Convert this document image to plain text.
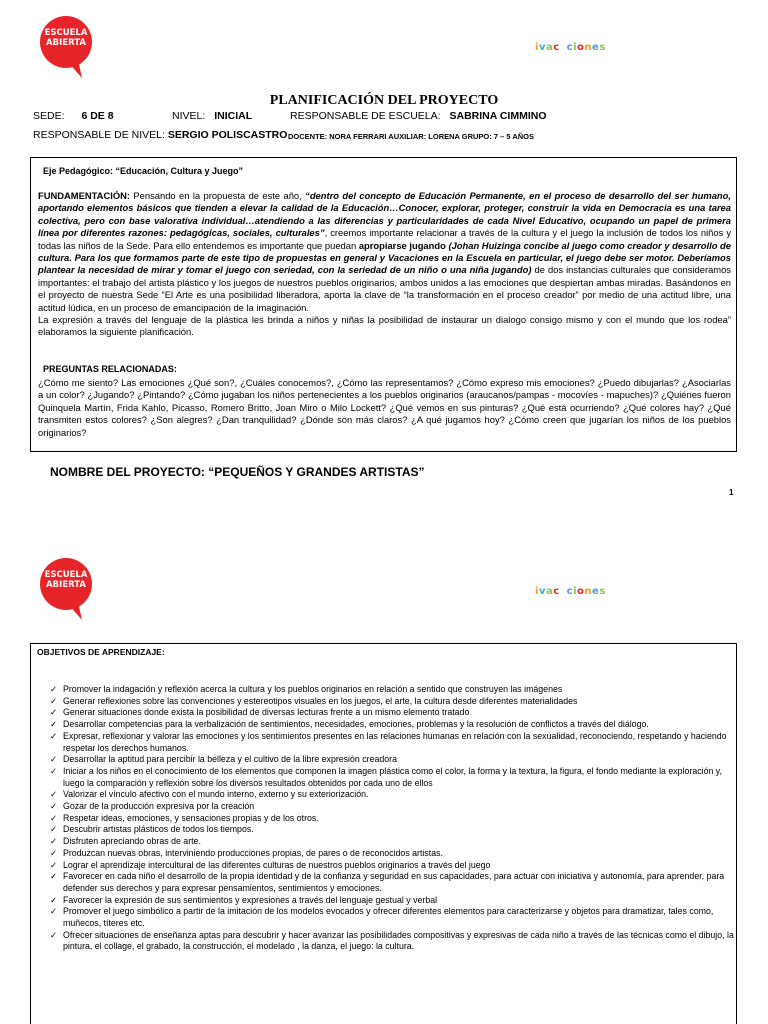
ESCUELA
ABIERTA	ivac ciones
PLANIFICACIÓN DEL PROYECTO
SEDE: 6 DE 8	NIVEL: INICIAL	RESPONSABLE DE ESCUELA: SABRINA CIMMINO
RESPONSABLE DE NIVEL: SERGIO POLISCASTRO DOCENTE: NORA FERRARI AUXILIAR: LORENA GRUPO: 7 – 5 AÑOS
Eje Pedagógico: “Educación, Cultura y Juego”

FUNDAMENTACIÓN: Pensando en la propuesta de este año, “dentro del concepto de Educación Permanente, en el proceso de desarrollo del ser humano, aportando elementos básicos que tienden a elevar la calidad de la Educación…Conocer, explorar, proteger, construir la vida en Democracia es una tarea colectiva, pero con base valorativa individual…atendiendo a las diferencias y particularidades de cada Nivel Educativo, ocupando un papel de primera línea por diferentes razones: pedagógicas, sociales, culturales”, creemos importante relacionar a través de la cultura y el juego la inclusión de todos los niños y todas las niños de la Sede. Para ello entendemos es importante que puedan apropiarse jugando (Johan Huizinga concibe al juego como creador y desarrollo de cultura. Para los que formamos parte de este tipo de propuestas en general y Vacaciones en la Escuela en particular, el juego debe ser motor. Deberíamos plantear la necesidad de mirar y tomar el juego con seriedad, con la seriedad de un niño o una niña jugando) de dos instancias culturales que consideramos importantes: el trabajo del artista plástico y los juegos de nuestros pueblos originarios, ambos unidos a las emociones que despiertan ambas miradas. Basándonos en el proyecto de nuestra Sede “El Arte es una posibilidad liberadora, aporta la clave de “la transformación en el proceso creador” por medio de una actitud libre, una actitud lúdica, en un proceso de emancipación de la imaginación.

La expresión a través del lenguaje de la plástica les brinda a niños y niñas la posibilidad de instaurar un dialogo consigo mismo y con el mundo que los rodea” elaboramos la siguiente planificación.

PREGUNTAS RELACIONADAS:
¿Cómo me siento? Las emociones ¿Qué son?, ¿Cuáles conocemos?, ¿Cómo las representamos? ¿Cómo expreso mis emociones? ¿Puedo dibujarlas? ¿Asociarlas a un color? ¿Jugando? ¿Pintando? ¿Cómo jugaban los niños pertenecientes a los pueblos originarios (araucanos/pampas - mocovíes - mapuches)? ¿Quiénes fueron Quinquela Martín, Frida Kahlo, Picasso, Romero Britto, Joan Miro o Milo Lockett? ¿Qué vemos en sus pinturas? ¿Qué está ocurriendo? ¿Qué colores hay? ¿Qué transmiten estos colores? ¿Son alegres? ¿Dan tranquilidad? ¿Dónde son más claros? ¿A qué jugamos hoy? ¿Cómo creen que jugarían los niños de los pueblos originarios?
NOMBRE DEL PROYECTO: “PEQUEÑOS Y GRANDES ARTISTAS”
1
ESCUELA
ABIERTA
ivac ciones
OBJETIVOS DE APRENDIZAJE:
✓ Promover la indagación y reflexión acerca la cultura y los pueblos originarios en relación a sentido que construyen las imágenes
✓ Generar reflexiones sobre las convenciones y estereotipos visuales en los juegos, el arte, la cultura desde diferentes materialidades
✓ Generar situaciones donde exista la posibilidad de diversas lecturas frente a un mismo elemento tratado
✓ Desarrollar competencias para la verbalización de sentimientos, necesidades, emociones, problemas y la resolución de conflictos a través del diálogo.
✓ Expresar, reflexionar y valorar las emociones y los sentimientos presentes en las relaciones humanas en relación con la sexualidad, reconociendo, respetando y haciendo respetar los derechos humanos.
✓ Desarrollar la aptitud para percibir la belleza y el cultivo de la libre expresión creadora
✓ Iniciar a los niños en el conocimiento de los elementos que componen la imagen plástica como el color, la forma y la textura, la figura, el fondo mediante la exploración y, luego la comparación y reflexión sobre los diversos resultados obtenidos por cada uno de ellos
✓ Valorizar el vínculo afectivo con el mundo interno, externo y su exteriorización.
✓ Gozar de la producción expresiva por la creación
✓ Respetar ideas, emociones, y sensaciones propias y de los otros.
✓ Descubrir artistas plásticos de todos los tiempos.
✓ Disfruten apreciando obras de arte.
✓ Produzcan nuevas obras, interviniendo producciones propias, de pares o de reconocidos artistas.
✓ Lograr el aprendizaje intercultural de las diferentes culturas de nuestros pueblos originarios a través del juego
✓ Favorecer en cada niño el desarrollo de la propia identidad y de la confianza y seguridad en sus capacidades, para actuar con iniciativa y autonomía, para aprender, para defender sus derechos y para expresar pensamientos, sentimientos y emociones.
✓ Favorecer la expresión de sus sentimientos y expresiones a través del lenguaje gestual y verbal
✓ Promover el juego simbólico a partir de la imitación de los modelos evocados y ofrecer diferentes elementos para caracterizarse y objetos para dramatizar, tales como, muñecos, títeres etc.
✓ Ofrecer situaciones de enseñanza aptas para descubrir y hacer avanzar las posibilidades compositivas y expresivas de cada niño a través de las técnicas como el dibujo, la pintura, el collage, el grabado, la construcción, el modelado , la danza, el juego: la cultura.
